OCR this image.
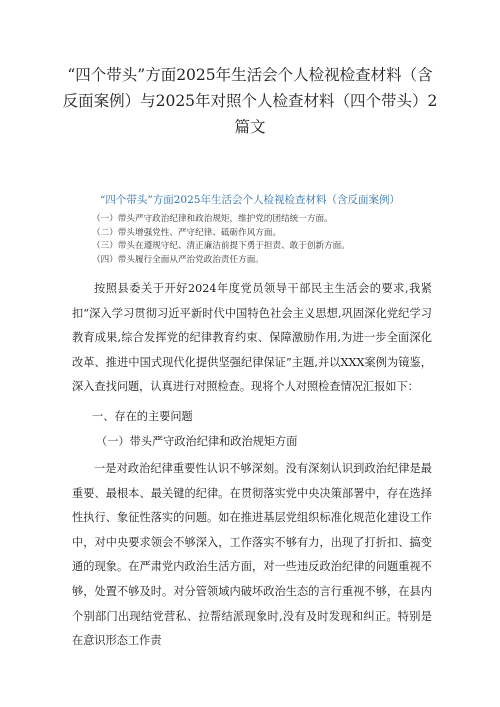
“四个带头”方面2025年生活会个人检视检查材料（含反面案例）与2025年对照个人检查材料（四个带头）2篇文
“四个带头”方面2025年生活会个人检视检查材料（含反面案例）
（一）带头严守政治纪律和政治规矩，维护党的团结统一方面。
（二）带头增强党性、严守纪律、砥砺作风方面。
（三）带头在遵规守纪、清正廉洁前提下勇于担责、敢于创新方面。
（四）带头履行全面从严治党政治责任方面。

按照县委关于开好2024年度党员领导干部民主生活会的要求,我紧扣“深入学习贯彻习近平新时代中国特色社会主义思想,巩固深化党纪学习教育成果,综合发挥党的纪律教育约束、保障激励作用,为进一步全面深化改革、推进中国式现代化提供坚强纪律保证”主题,并以XXX案例为镜鉴，深入查找问题，认真进行对照检查。现将个人对照检查情况汇报如下：

一、存在的主要问题

（一）带头严守政治纪律和政治规矩方面

一是对政治纪律重要性认识不够深刻。没有深刻认识到政治纪律是最重要、最根本、最关键的纪律。在贯彻落实党中央决策部署中，存在选择性执行、象征性落实的问题。如在推进基层党组织标准化规范化建设工作中，对中央要求领会不够深入，工作落实不够有力，出现了打折扣、搞变通的现象。在严肃党内政治生活方面，对一些违反政治纪律的问题重视不够，处置不够及时。对分管领域内破坏政治生态的言行重视不够，在县内个别部门出现结党营私、拉帮结派现象时,没有及时发现和纠正。特别是在意识形态工作责
